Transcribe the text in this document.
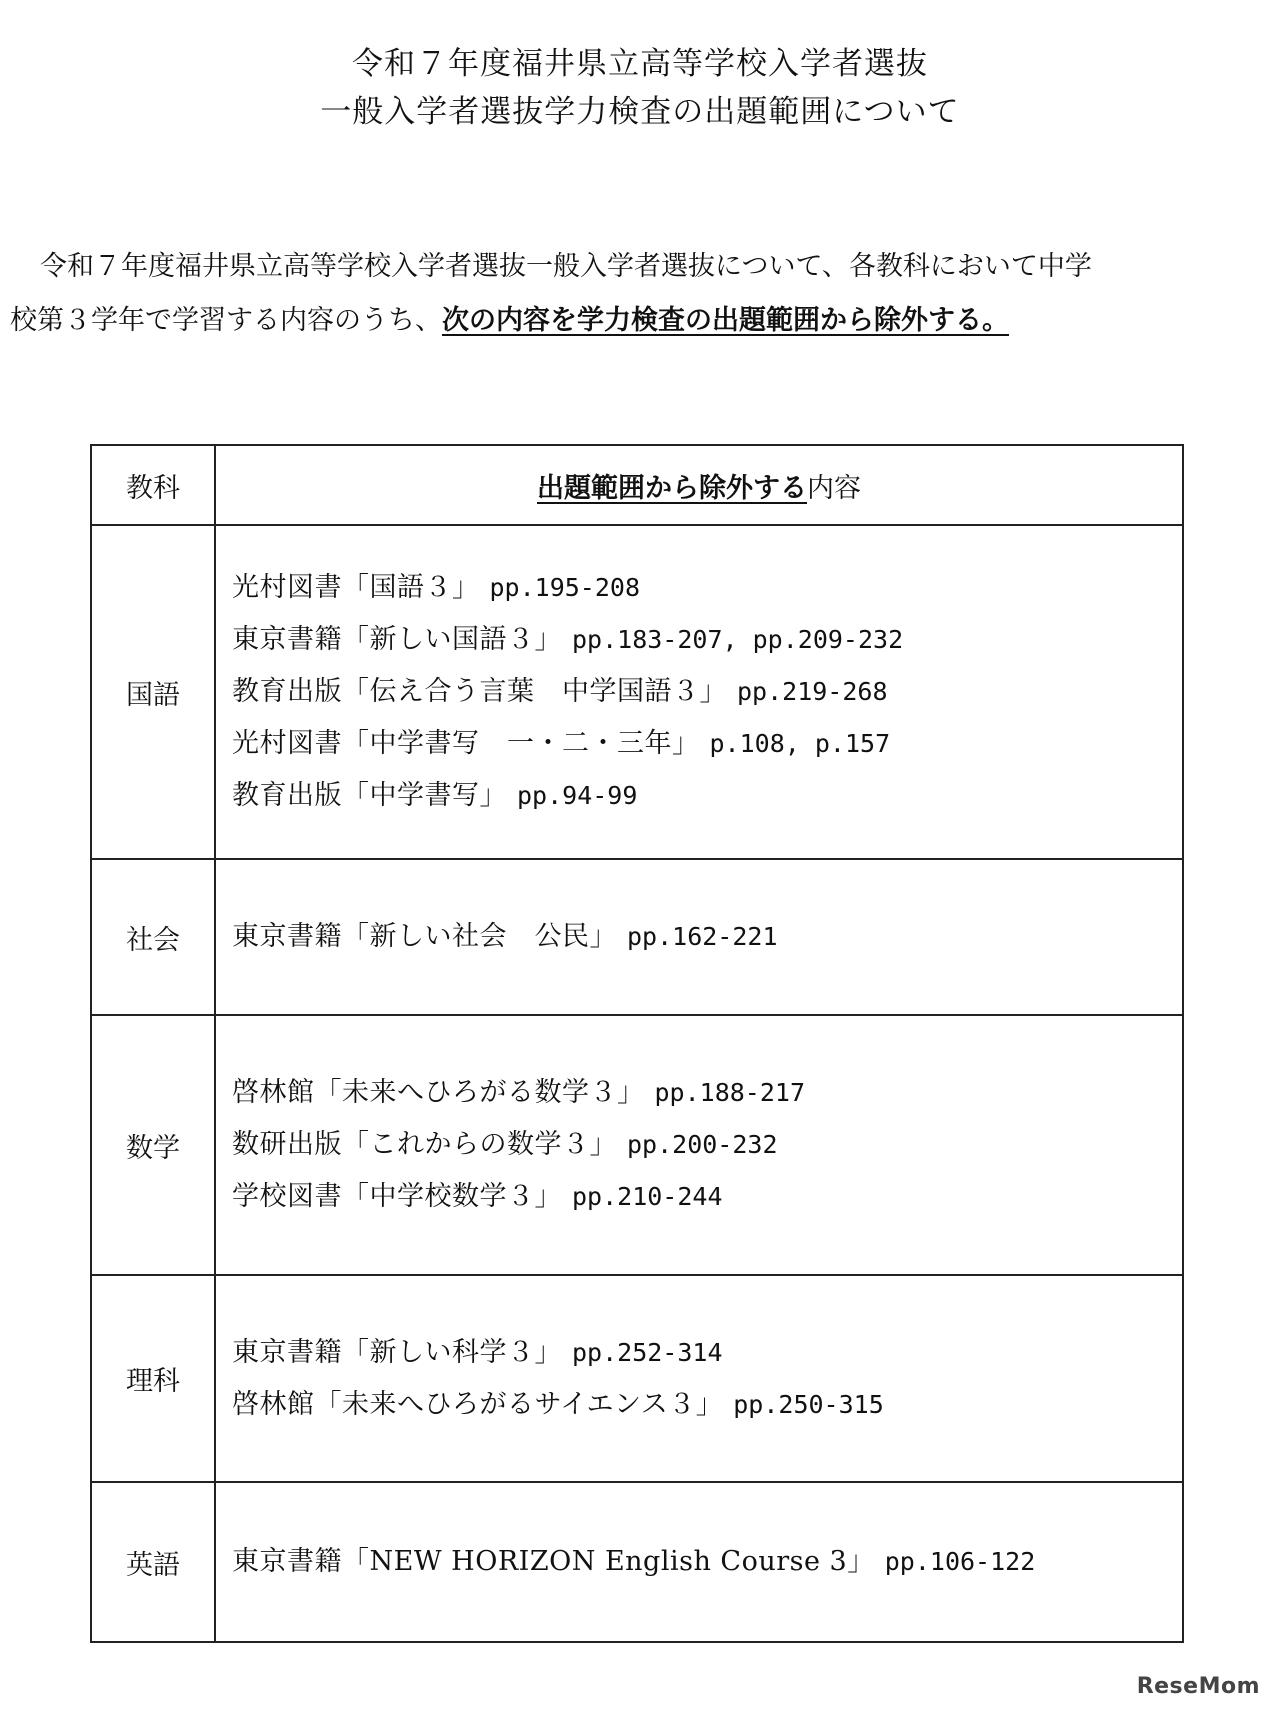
令和７年度福井県立高等学校入学者選抜
一般入学者選抜学力検査の出題範囲について
令和７年度福井県立高等学校入学者選抜一般入学者選抜について、各教科において中学
校第３学年で学習する内容のうち、次の内容を学力検査の出題範囲から除外する。
教科	出題範囲から除外する内容
国語	光村図書「国語３」 pp.195-208
東京書籍「新しい国語３」 pp.183-207, pp.209-232
教育出版「伝え合う言葉　中学国語３」 pp.219-268
光村図書「中学書写　一・二・三年」 p.108, p.157
教育出版「中学書写」 pp.94-99

社会	東京書籍「新しい社会　公民」 pp.162-221

数学	啓林館「未来へひろがる数学３」 pp.188-217
数研出版「これからの数学３」 pp.200-232
学校図書「中学校数学３」 pp.210-244

理科	東京書籍「新しい科学３」 pp.252-314
啓林館「未来へひろがるサイエンス３」 pp.250-315

英語	東京書籍「NEW HORIZON English Course 3」 pp.106-122
ReseMom
